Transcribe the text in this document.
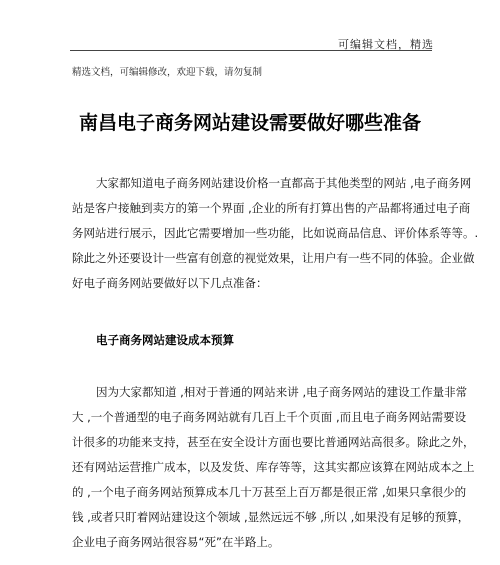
可编辑文档，精选
精选文档，可编辑修改，欢迎下载，请勿复制
南昌电子商务网站建设需要做好哪些准备
大家都知道电子商务网站建设价格一直都高于其他类型的网站 ,电子商务网
站是客户接触到卖方的第一个界面 ,企业的所有打算出售的产品都将通过电子商
务网站进行展示，因此它需要增加一些功能，比如说商品信息、评价体系等等。.
除此之外还要设计一些富有创意的视觉效果，让用户有一些不同的体验。企业做
好电子商务网站要做好以下几点准备：
电子商务网站建设成本预算
因为大家都知道 ,相对于普通的网站来讲 ,电子商务网站的建设工作量非常
大 ,一个普通型的电子商务网站就有几百上千个页面 ,而且电子商务网站需要设
计很多的功能来支持，甚至在安全设计方面也要比普通网站高很多。除此之外，
还有网站运营推广成本，以及发货、库存等等，这其实都应该算在网站成本之上
的 ,一个电子商务网站预算成本几十万甚至上百万都是很正常 ,如果只拿很少的
钱 ,或者只盯着网站建设这个领域 ,显然远远不够 ,所以 ,如果没有足够的预算，
企业电子商务网站很容易“死”在半路上。
